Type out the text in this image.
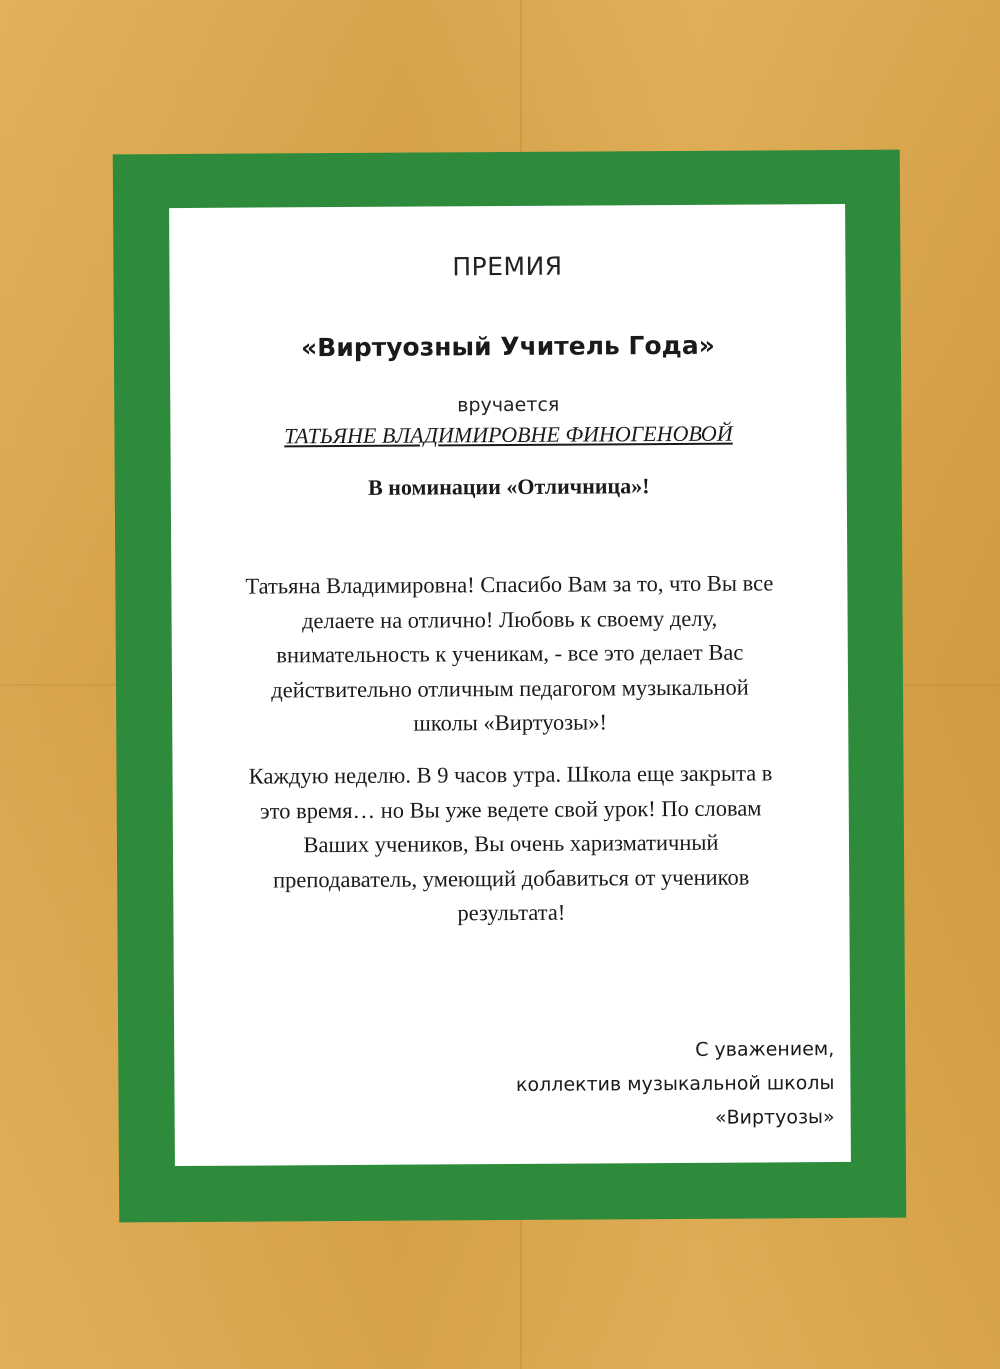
ПРЕМИЯ
«Виртуозный Учитель Года»
вручается
ТАТЬЯНЕ ВЛАДИМИРОВНЕ ФИНОГЕНОВОЙ
В номинации «Отличница»!
Татьяна Владимировна! Спасибо Вам за то, что Вы все
делаете на отлично! Любовь к своему делу,
внимательность к ученикам, - все это делает Вас
действительно отличным педагогом музыкальной
школы «Виртуозы»!
Каждую неделю. В 9 часов утра. Школа еще закрыта в
это время… но Вы уже ведете свой урок! По словам
Ваших учеников, Вы очень харизматичный
преподаватель, умеющий добавиться от учеников
результата!
С уважением,
коллектив музыкальной школы
«Виртуозы»
